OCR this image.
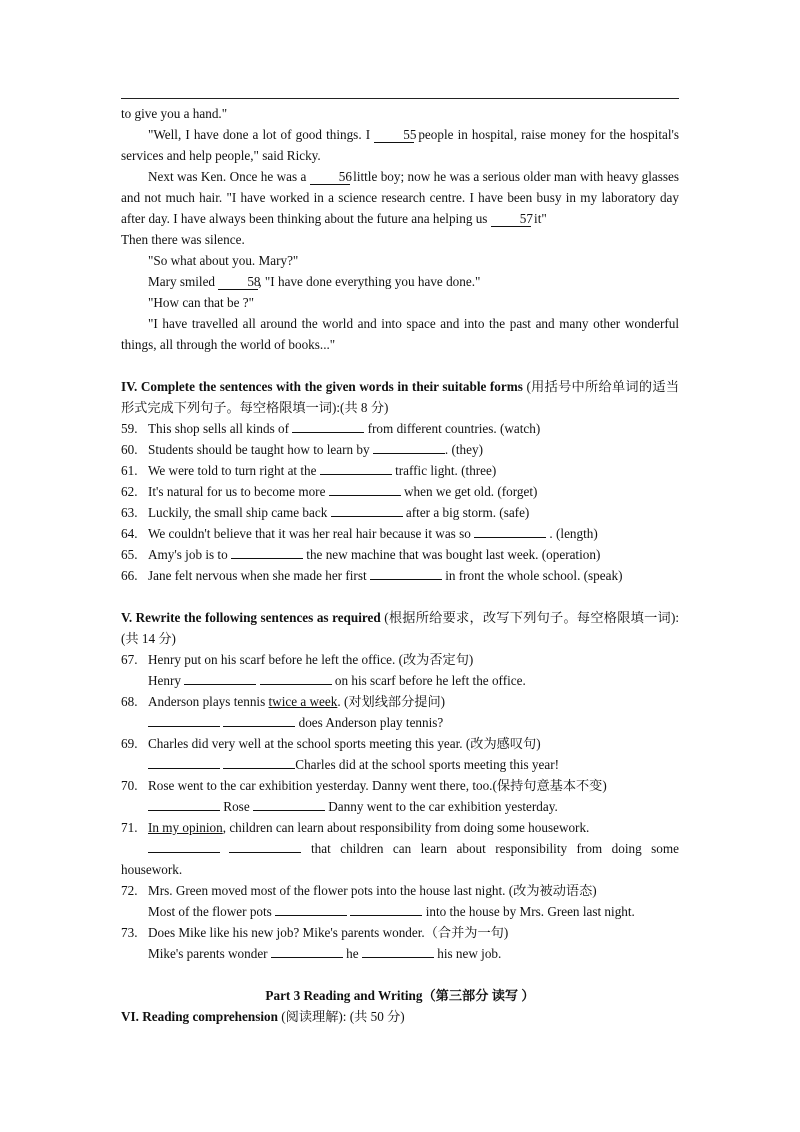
to give you a hand."

"Well, I have done a lot of good things. I	55 people in hospital, raise money for the hospital's services and help people," said Ricky.

Next was Ken. Once he was a 56 little boy; now he was a serious older man with heavy glasses and not much hair. "I have worked in a science research centre. I have been busy in my laboratory day after day. I have always been thinking about the future ana helping us 57 it"

Then there was silence.

"So what about you. Mary?"

Mary smiled 58, "I have done everything you have done."

"How can that be ?"

"I have travelled all around the world and into space and into the past and many other wonderful things, all through the world of books..."

IV. Complete the sentences with the given words in their suitable forms (用括号中所给单词的适当形式完成下列句子。每空格限填一词):(共 8 分)

59. This shop sells all kinds of	from different countries. (watch)

60. Students should be taught how to learn by	. (they)

61. We were told to turn right at the	traffic light. (three)

62. It's natural for us to become more	when we get old. (forget)

63. Luckily, the small ship came back	after a big storm. (safe)

64. We couldn't believe that it was her real hair because it was so	. (length)

65. Amy's job is to	the new machine that was bought last week. (operation)

66. Jane felt nervous when she made her first	in front the whole school. (speak)

V. Rewrite the following sentences as required (根据所给要求，改写下列句子。每空格限填一词):(共 14 分)

67. Henry put on his scarf before he left the office. (改为否定句)

Henry	on his scarf before he left the office.

68. Anderson plays tennis twice a week. (对划线部分提问)

does Anderson play tennis?

69. Charles did very well at the school sports meeting this year. (改为感叹句)

Charles did at the school sports meeting this year!

70. Rose went to the car exhibition yesterday. Danny went there, too.(保持句意基本不变)

Rose	Danny went to the car exhibition yesterday.

71. In my opinion, children can learn about responsibility from doing some housework.

that children can learn about responsibility from doing some housework.

72. Mrs. Green moved most of the flower pots into the house last night. (改为被动语态)

Most of the flower pots	into the house by Mrs. Green last night.

73. Does Mike like his new job? Mike's parents wonder.（合并为一句)

Mike's parents wonder	he	his new job.

Part 3 Reading and Writing（第三部分 读写 ）

VI. Reading comprehension (阅读理解): (共 50 分)
